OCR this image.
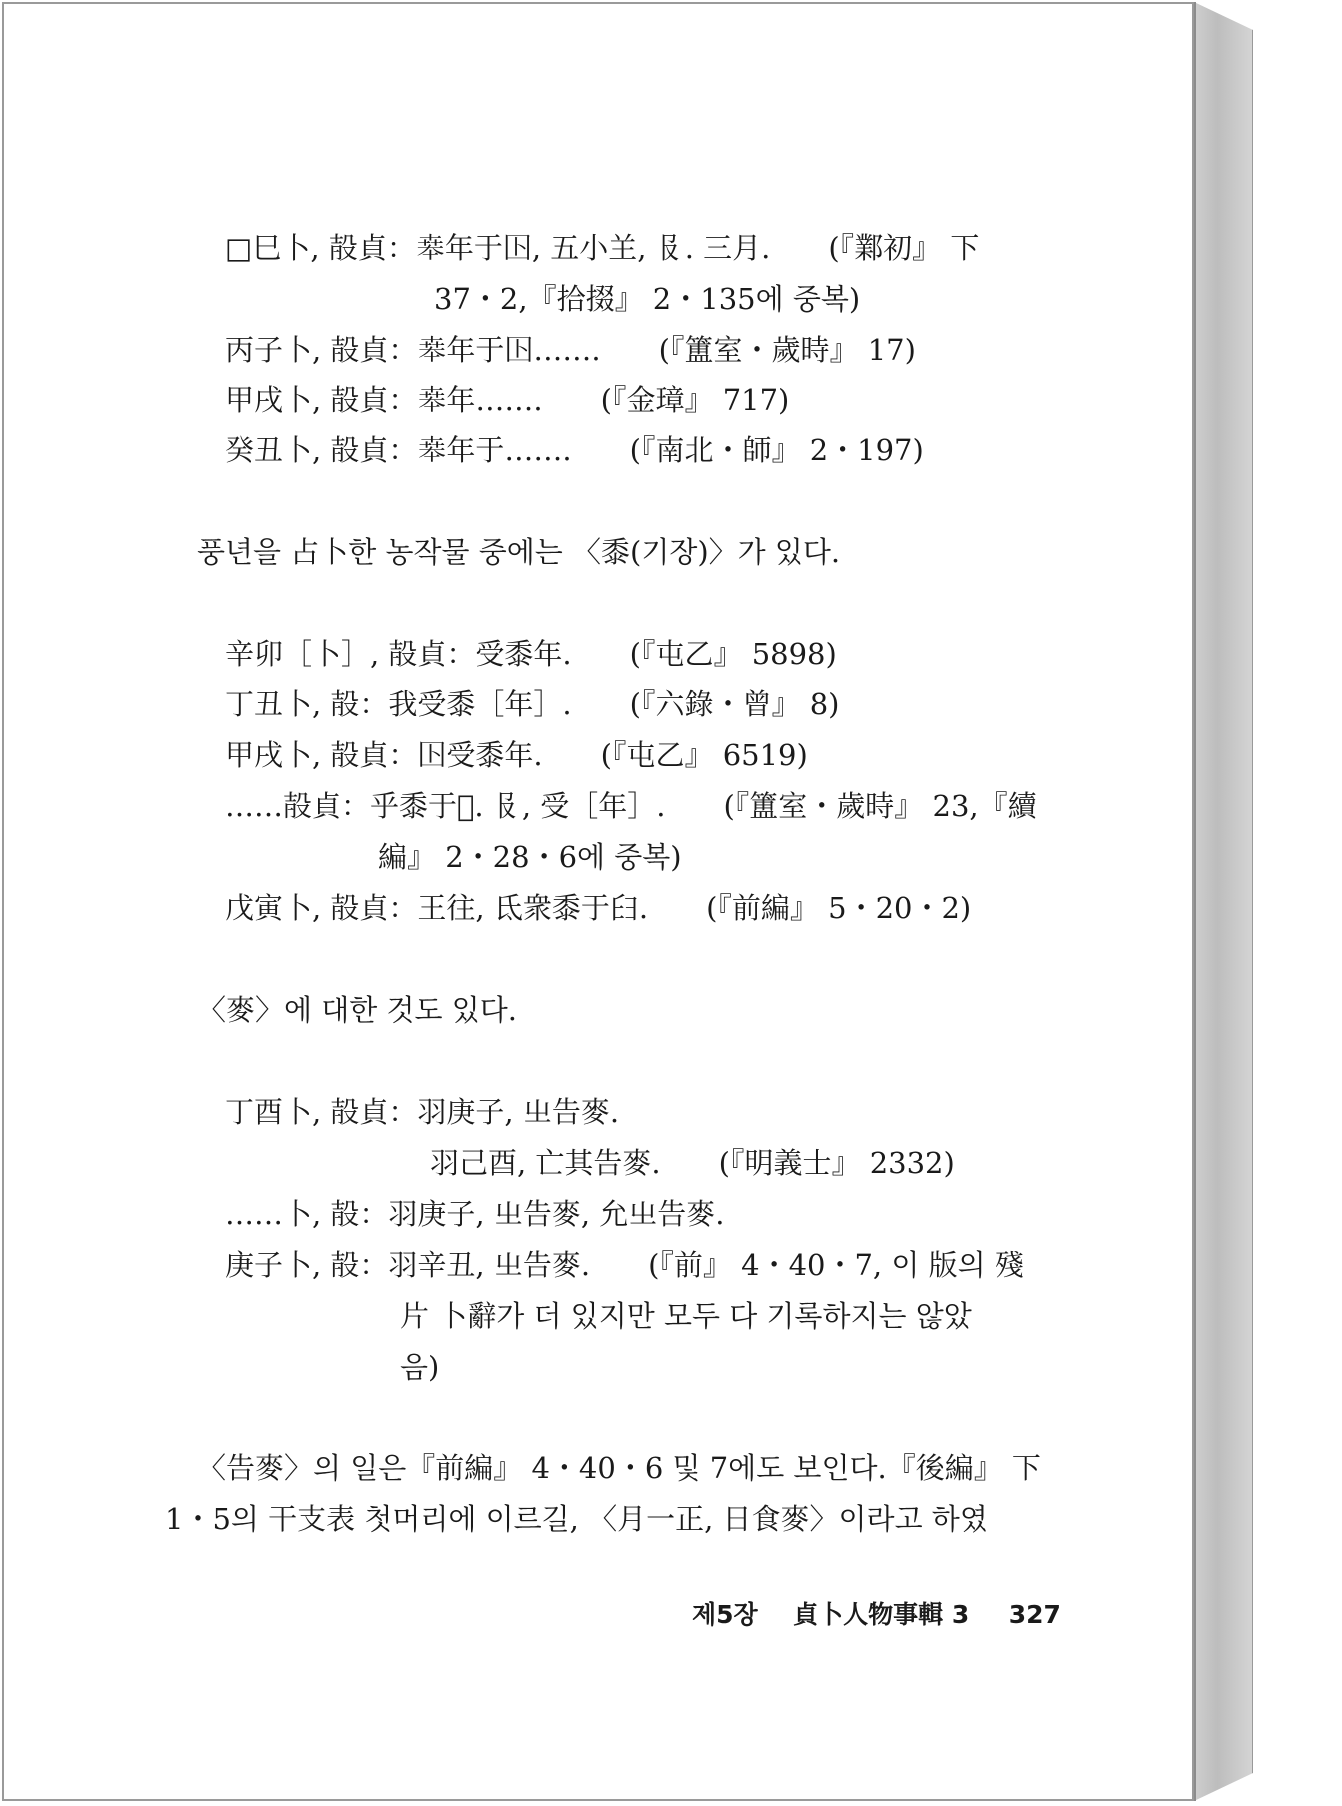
□巳卜, 㱿貞：𠦪年于𡆥, 五小𦍌, 𠬝. 三月.　　(『鄴初』 下
37・2,『拾掇』 2・135에 중복)
丙子卜, 㱿貞：𠦪年于𡆥…….　　(『簠室・歲時』 17)
甲戌卜, 㱿貞：𠦪年…….　　(『金璋』 717)
癸丑卜, 㱿貞：𠦪年于…….　　(『南北・師』 2・197)
풍년을 占卜한 농작물 중에는 〈黍(기장)〉가 있다.
辛卯［卜］, 㱿貞：受黍年.　　(『屯乙』 5898)
丁丑卜, 㱿：我受黍［年］.　　(『六錄・曾』 8)
甲戌卜, 㱿貞：𡆥受黍年.　　(『屯乙』 6519)
……㱿貞：乎黍于𦎫. 𠬝, 受［年］.　　(『簠室・歲時』 23,『續
編』 2・28・6에 중복)
戊寅卜, 㱿貞：王往, 氐衆黍于𦥑.　　(『前編』 5・20・2)
〈麥〉에 대한 것도 있다.
丁酉卜, 㱿貞：羽庚子, 㞢告麥.
羽己酉, 亡其告麥.　　(『明義士』 2332)
……卜, 㱿：羽庚子, 㞢告麥, 允㞢告麥.
庚子卜, 㱿：羽辛丑, 㞢告麥.　　(『前』 4・40・7, 이 版의 殘
片 卜辭가 더 있지만 모두 다 기록하지는 않았
음)
〈告麥〉의 일은『前編』 4・40・6 및 7에도 보인다.『後編』 下
1・5의 干支表 첫머리에 이르길, 〈月一正, 日食麥〉이라고 하였
제5장 貞卜人物事輯 3 327
